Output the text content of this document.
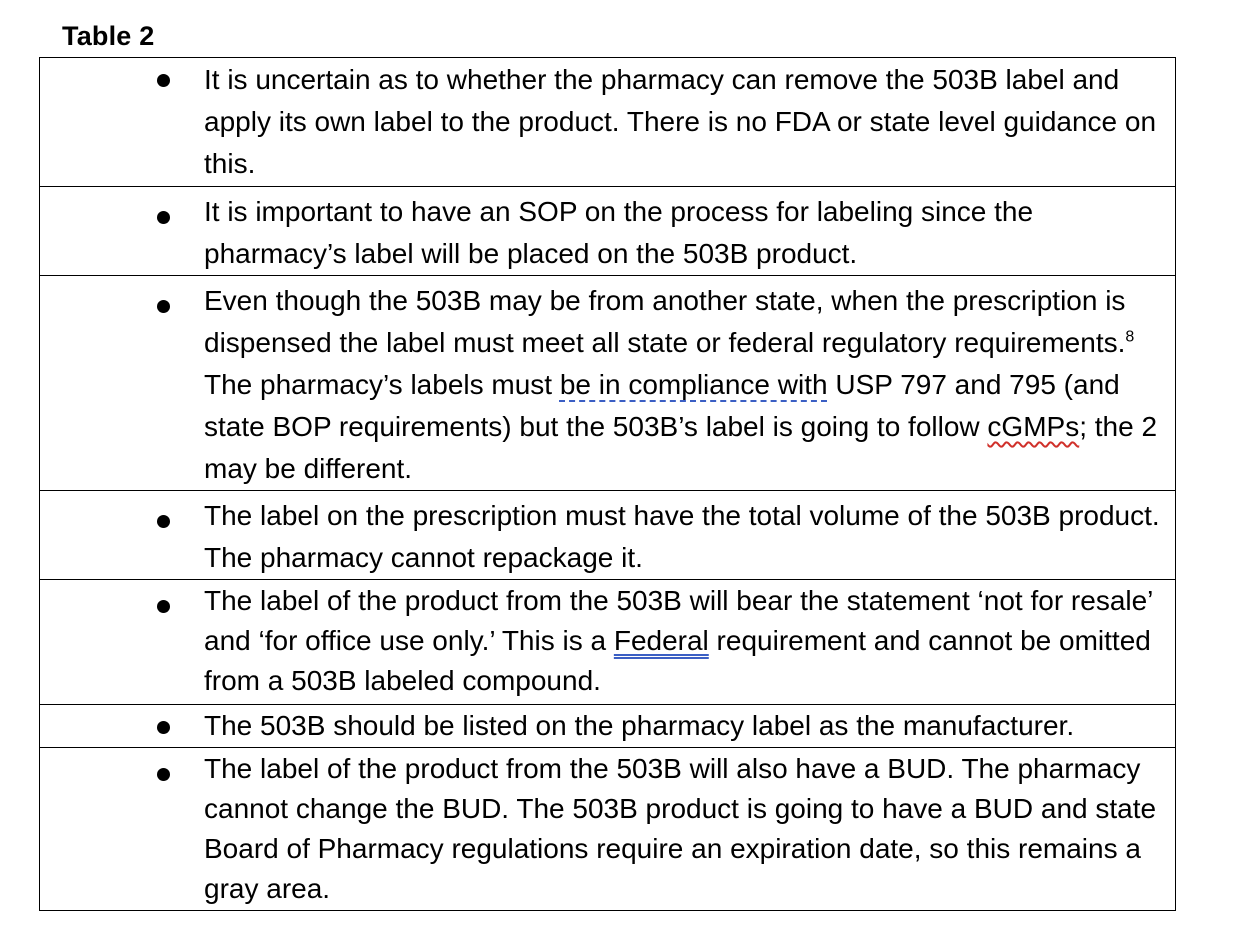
Table 2
It is uncertain as to whether the pharmacy can remove the 503B label and apply its own label to the product. There is no FDA or state level guidance on this.

It is important to have an SOP on the process for labeling since the pharmacy’s label will be placed on the 503B product.

Even though the 503B may be from another state, when the prescription is dispensed the label must meet all state or federal regulatory requirements.$^8$ The pharmacy’s labels must be in compliance with USP 797 and 795 (and state BOP requirements) but the 503B’s label is going to follow cGMPs; the 2 may be different.

The label on the prescription must have the total volume of the 503B product. The pharmacy cannot repackage it.

The label of the product from the 503B will bear the statement ‘not for resale’ and ‘for office use only.’ This is a Federal requirement and cannot be omitted from a 503B labeled compound.

The 503B should be listed on the pharmacy label as the manufacturer.

The label of the product from the 503B will also have a BUD. The pharmacy cannot change the BUD. The 503B product is going to have a BUD and state Board of Pharmacy regulations require an expiration date, so this remains a gray area.
